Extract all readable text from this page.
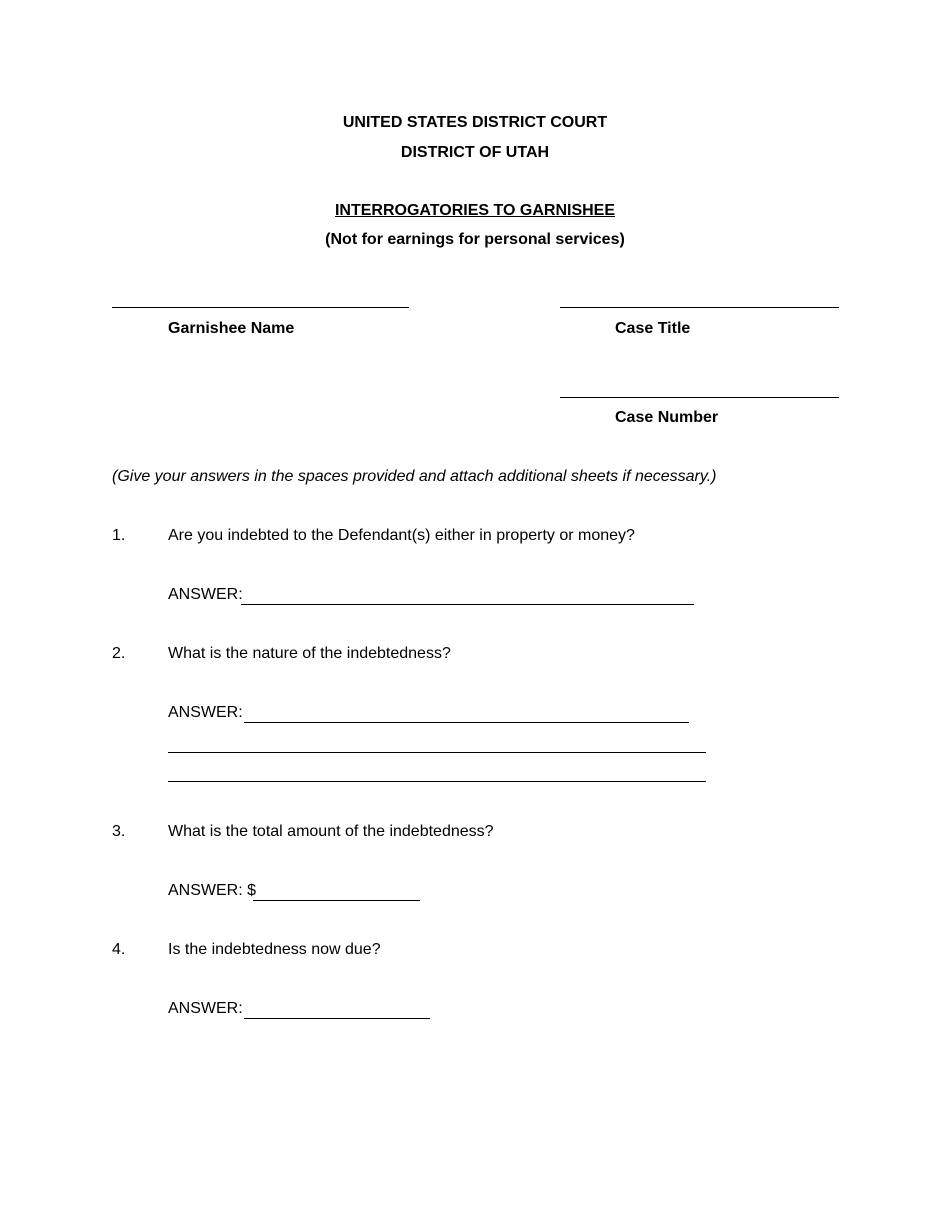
UNITED STATES DISTRICT COURT
DISTRICT OF UTAH
INTERROGATORIES TO GARNISHEE
(Not for earnings for personal services)
Garnishee Name	Case Title
Case Number
(Give your answers in the spaces provided and attach additional sheets if necessary.)
1.	Are you indebted to the Defendant(s) either in property or money?
ANSWER:
2.	What is the nature of the indebtedness?
ANSWER:
3.	What is the total amount of the indebtedness?
ANSWER: $
4.	Is the indebtedness now due?
ANSWER:
